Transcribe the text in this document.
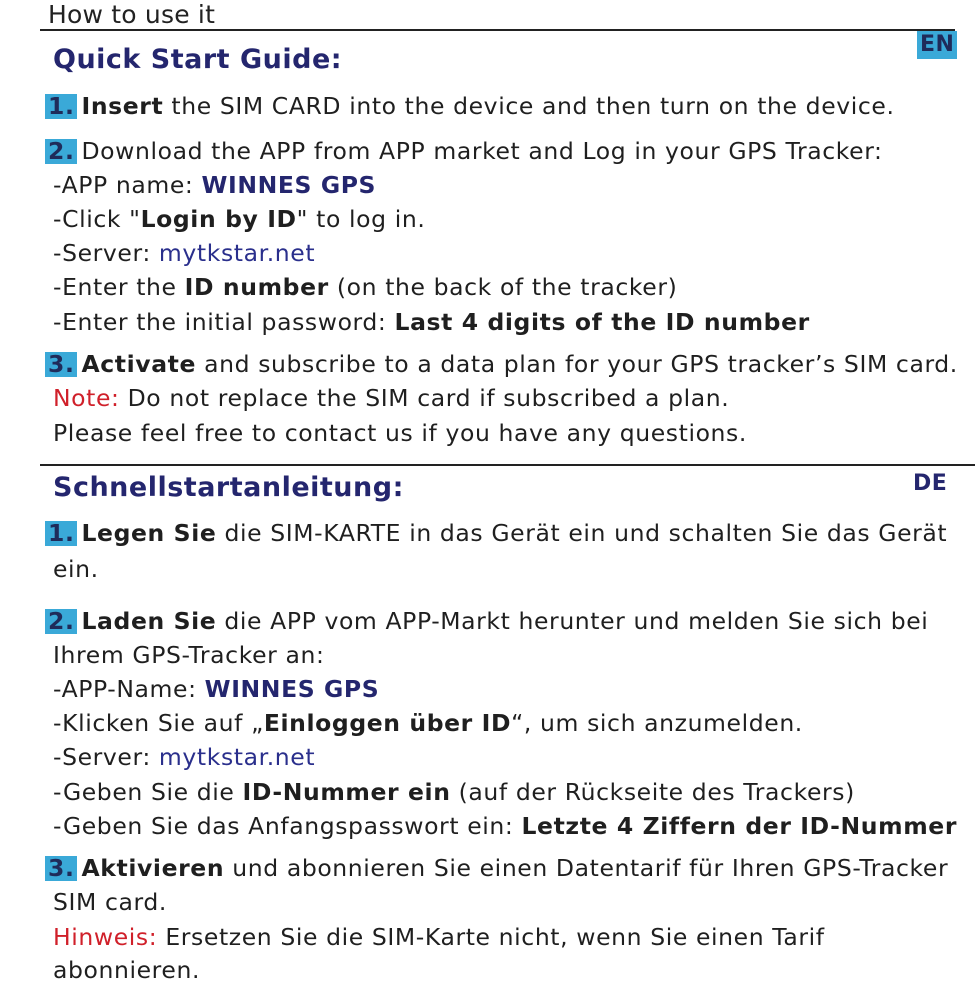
How to use it
Quick Start Guide:	EN
1. Insert the SIM CARD into the device and then turn on the device.
2. Download the APP from APP market and Log in your GPS Tracker:
-APP name: WINNES GPS
-Click "Login by ID" to log in.
-Server: mytkstar.net
-Enter the ID number (on the back of the tracker)
-Enter the initial password: Last 4 digits of the ID number
3. Activate and subscribe to a data plan for your GPS tracker’s SIM card.
Note: Do not replace the SIM card if subscribed a plan.
Please feel free to contact us if you have any questions.
Schnellstartanleitung:	DE
1. Legen Sie die SIM-KARTE in das Gerät ein und schalten Sie das Gerät
ein.
2. Laden Sie die APP vom APP-Markt herunter und melden Sie sich bei
Ihrem GPS-Tracker an:
-APP-Name: WINNES GPS
-Klicken Sie auf „Einloggen über ID“, um sich anzumelden.
-Server: mytkstar.net
-Geben Sie die ID-Nummer ein (auf der Rückseite des Trackers)
-Geben Sie das Anfangspasswort ein: Letzte 4 Ziffern der ID-Nummer
3. Aktivieren und abonnieren Sie einen Datentarif für Ihren GPS-Tracker
SIM card.
Hinweis: Ersetzen Sie die SIM-Karte nicht, wenn Sie einen Tarif
abonnieren.
